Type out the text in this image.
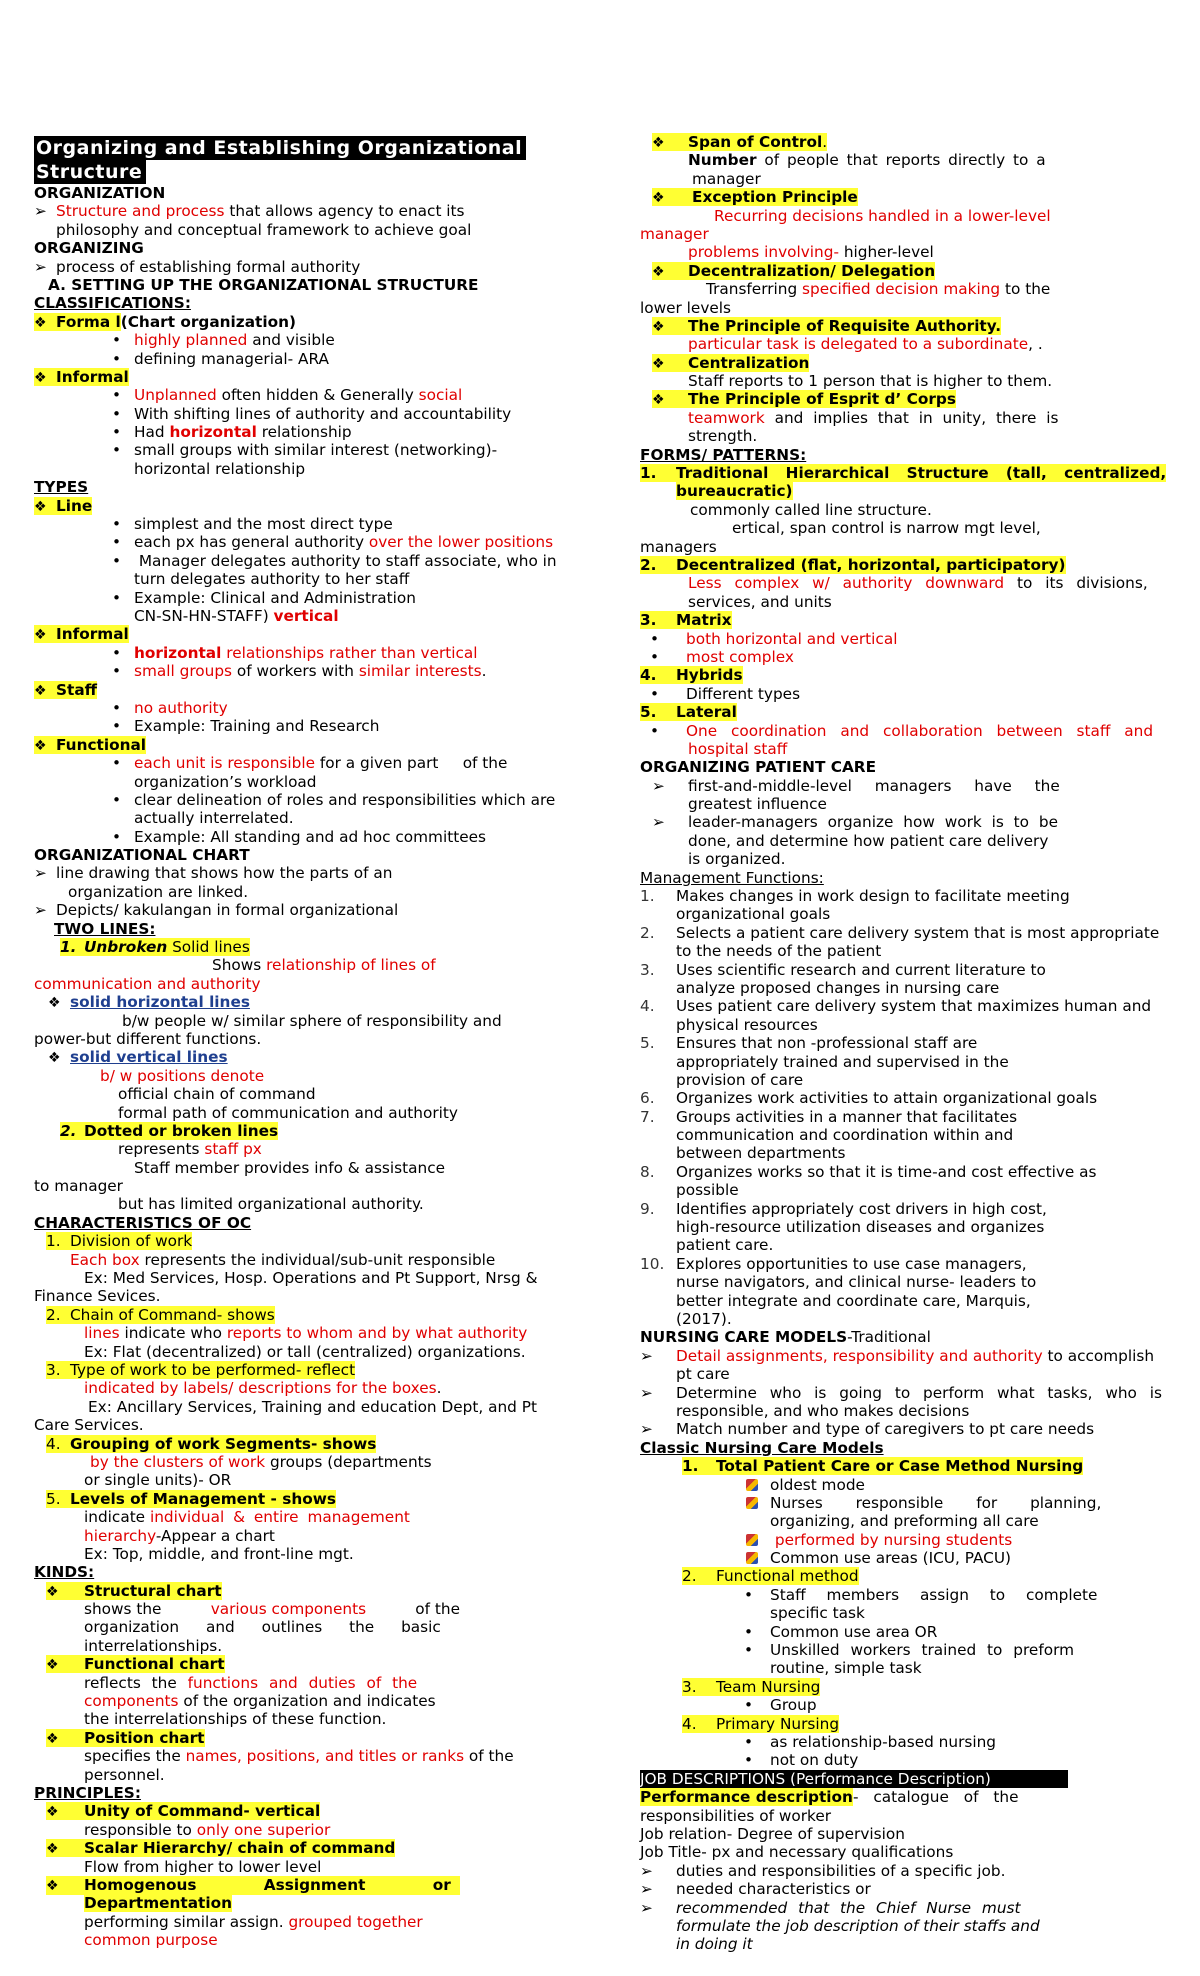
Organizing and Establishing Organizational
Structure
ORGANIZATION
➢ Structure and process that allows agency to enact its
philosophy and conceptual framework to achieve goal
ORGANIZING
➢ process of establishing formal authority
A. SETTING UP THE ORGANIZATIONAL STRUCTURE
CLASSIFICATIONS:
❖ Forma l(Chart organization)
• highly planned and visible
• defining managerial- ARA
❖ Informal
• Unplanned often hidden & Generally social
• With shifting lines of authority and accountability
• Had horizontal relationship
• small groups with similar interest (networking)-
horizontal relationship
TYPES
❖ Line
• simplest and the most direct type
• each px has general authority over the lower positions
• Manager delegates authority to staff associate, who in
turn delegates authority to her staff
• Example: Clinical and Administration
CN-SN-HN-STAFF) vertical
❖ Informal
• horizontal relationships rather than vertical
• small groups of workers with similar interests.
❖ Staff
• no authority
• Example: Training and Research
❖ Functional
• each unit is responsible for a given part     of the
organization’s workload
• clear delineation of roles and responsibilities which are
actually interrelated.
• Example: All standing and ad hoc committees
ORGANIZATIONAL CHART
➢ line drawing that shows how the parts of an
organization are linked.
➢ Depicts/ kakulangan in formal organizational
TWO LINES:
1. Unbroken Solid lines
Shows relationship of lines of
communication and authority
❖ solid horizontal lines
b/w people w/ similar sphere of responsibility and
power-but different functions.
❖ solid vertical lines
b/ w positions denote
official chain of command
formal path of communication and authority
2. Dotted or broken lines
represents staff px
Staff member provides info & assistance
to manager
but has limited organizational authority.
CHARACTERISTICS OF OC
1. Division of work
Each box represents the individual/sub-unit responsible
Ex: Med Services, Hosp. Operations and Pt Support, Nrsg &
Finance Sevices.
2. Chain of Command- shows
lines indicate who reports to whom and by what authority
Ex: Flat (decentralized) or tall (centralized) organizations.
3. Type of work to be performed- reflect
indicated by labels/ descriptions for the boxes.
Ex: Ancillary Services, Training and education Dept, and Pt
Care Services.
4. Grouping of work Segments- shows
by the clusters of work groups (departments
or single units)- OR
5. Levels of Management - shows
indicate individual & entire management
hierarchy-Appear a chart
Ex: Top, middle, and front-line mgt.
KINDS:
❖ Structural chart
shows the	various components	of the
organization and outlines the basic
interrelationships.
❖ Functional chart
reflects the functions and duties of the
components of the organization and indicates
the interrelationships of these function.
❖ Position chart
specifies the names, positions, and titles or ranks of the
personnel.
PRINCIPLES:
❖ Unity of Command- vertical
responsible to only one superior
❖ Scalar Hierarchy/ chain of command
Flow from higher to lower level
❖ Homogenous Assignment or
Departmentation
performing similar assign. grouped together
common purpose
❖ Span of Control.
Number of people that reports directly to a
manager
❖ Exception Principle
Recurring decisions handled in a lower-level
manager
problems involving- higher-level
❖ Decentralization/ Delegation
Transferring specified decision making to the
lower levels
❖ The Principle of Requisite Authority.
particular task is delegated to a subordinate, .
❖ Centralization
Staff reports to 1 person that is higher to them.
❖ The Principle of Esprit d’ Corps
teamwork and implies that in unity, there is
strength.
FORMS/ PATTERNS:
1. Traditional Hierarchical Structure (tall, centralized,
bureaucratic)
commonly called line structure.
ertical, span control is narrow mgt level,
managers
2. Decentralized (flat, horizontal, participatory)
Less complex w/ authority downward to its divisions,
services, and units
3. Matrix
• both horizontal and vertical
• most complex
4. Hybrids
• Different types
5. Lateral
• One coordination and collaboration between staff and
hospital staff
ORGANIZING PATIENT CARE
➢ first-and-middle-level managers have the
greatest influence
➢ leader-managers organize how work is to be
done, and determine how patient care delivery
is organized.
Management Functions:
1. Makes changes in work design to facilitate meeting
organizational goals
2. Selects a patient care delivery system that is most appropriate
to the needs of the patient
3. Uses scientific research and current literature to
analyze proposed changes in nursing care
4. Uses patient care delivery system that maximizes human and
physical resources
5. Ensures that non -professional staff are
appropriately trained and supervised in the
provision of care
6. Organizes work activities to attain organizational goals
7. Groups activities in a manner that facilitates
communication and coordination within and
between departments
8. Organizes works so that it is time-and cost effective as
possible
9. Identifies appropriately cost drivers in high cost,
high-resource utilization diseases and organizes
patient care.
10. Explores opportunities to use case managers,
nurse navigators, and clinical nurse- leaders to
better integrate and coordinate care, Marquis,
(2017).
NURSING CARE MODELS-Traditional
➢ Detail assignments, responsibility and authority to accomplish
pt care
➢ Determine who is going to perform what tasks, who is
responsible, and who makes decisions
➢ Match number and type of caregivers to pt care needs
Classic Nursing Care Models
1. Total Patient Care or Case Method Nursing
oldest mode
Nurses responsible for planning,
organizing, and preforming all care
performed by nursing students
Common use areas (ICU, PACU)
2. Functional method
• Staff members assign to complete
specific task
• Common use area OR
• Unskilled workers trained to preform
routine, simple task
3. Team Nursing
• Group
4. Primary Nursing
• as relationship-based nursing
• not on duty
JOB DESCRIPTIONS (Performance Description)
Performance description- catalogue of the
responsibilities of worker
Job relation- Degree of supervision
Job Title- px and necessary qualifications
➢ duties and responsibilities of a specific job.
➢ needed characteristics or
➢ recommended that the Chief Nurse must
formulate the job description of their staffs and
in doing it
